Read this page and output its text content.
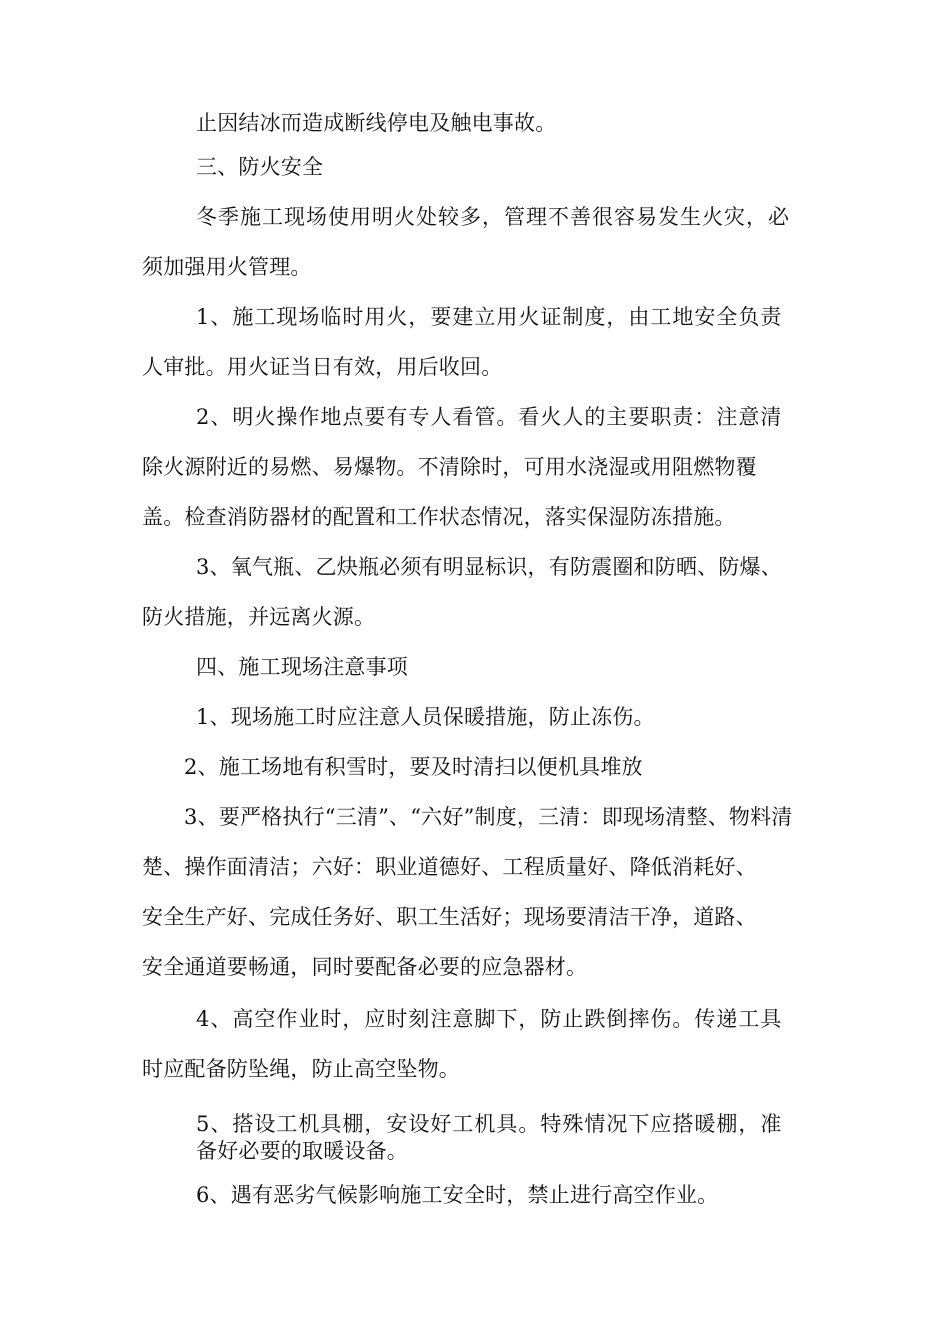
止因结冰而造成断线停电及触电事故。
三、防火安全
冬季施工现场使用明火处较多，管理不善很容易发生火灾，必
须加强用火管理。
1、施工现场临时用火，要建立用火证制度，由工地安全负责
人审批。用火证当日有效，用后收回。
2、明火操作地点要有专人看管。看火人的主要职责：注意清
除火源附近的易燃、易爆物。不清除时，可用水浇湿或用阻燃物覆
盖。检查消防器材的配置和工作状态情况，落实保湿防冻措施。
3、氧气瓶、乙炔瓶必须有明显标识，有防震圈和防晒、防爆、
防火措施，并远离火源。
四、施工现场注意事项
1、现场施工时应注意人员保暖措施，防止冻伤。
2、施工场地有积雪时，要及时清扫以便机具堆放
3、要严格执行“三清”、“六好”制度，三清：即现场清整、物料清
楚、操作面清洁；六好：职业道德好、工程质量好、降低消耗好、
安全生产好、完成任务好、职工生活好；现场要清洁干净，道路、
安全通道要畅通，同时要配备必要的应急器材。
4、高空作业时，应时刻注意脚下，防止跌倒摔伤。传递工具
时应配备防坠绳，防止高空坠物。
5、搭设工机具棚，安设好工机具。特殊情况下应搭暖棚，准
备好必要的取暖设备。
6、遇有恶劣气候影响施工安全时，禁止进行高空作业。
